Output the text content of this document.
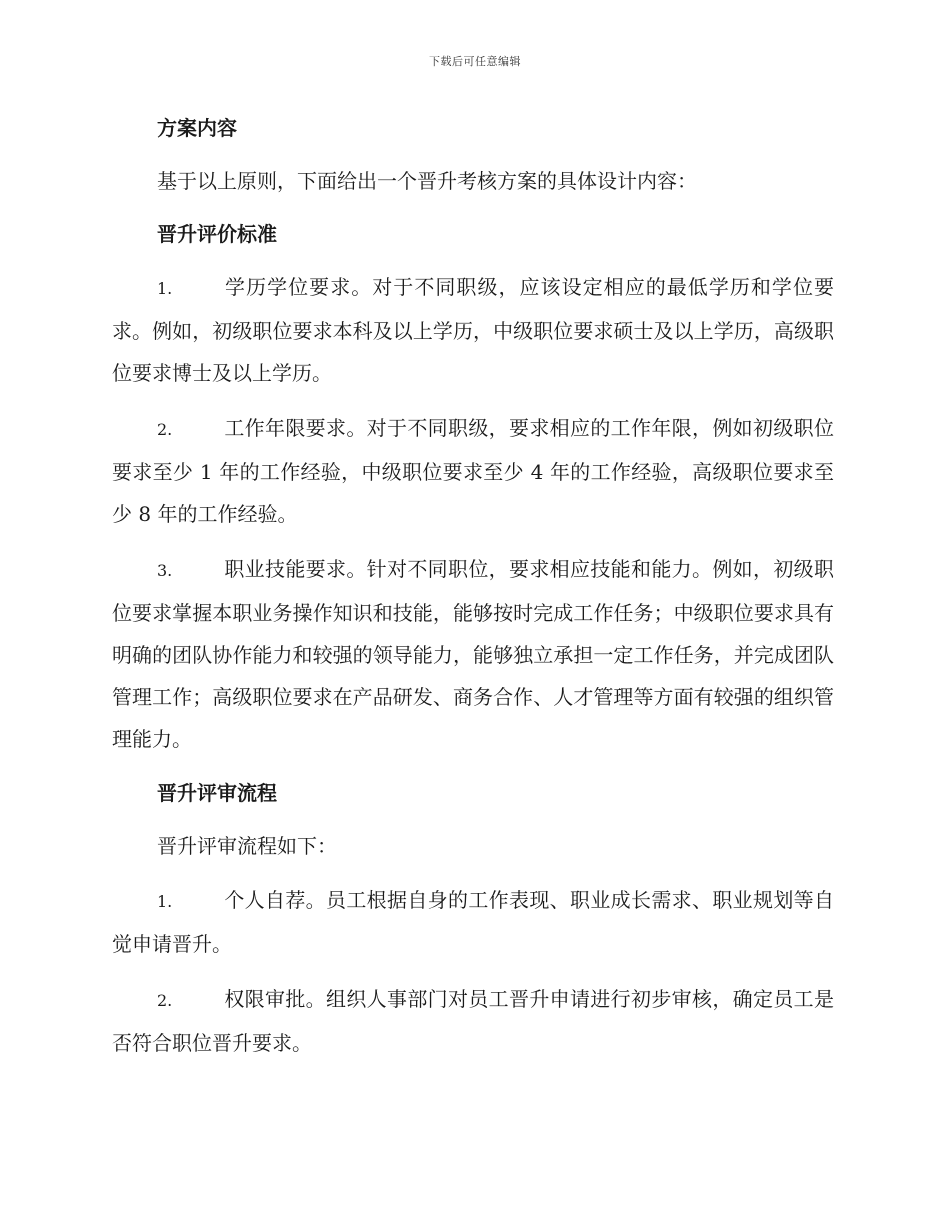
下载后可任意编辑
方案内容

基于以上原则，下面给出一个晋升考核方案的具体设计内容：

晋升评价标准

1.	学历学位要求。对于不同职级，应该设定相应的最低学历和学位要求。例如，初级职位要求本科及以上学历，中级职位要求硕士及以上学历，高级职位要求博士及以上学历。

2.	工作年限要求。对于不同职级，要求相应的工作年限，例如初级职位要求至少 1 年的工作经验，中级职位要求至少 4 年的工作经验，高级职位要求至少 8 年的工作经验。

3.	职业技能要求。针对不同职位，要求相应技能和能力。例如，初级职位要求掌握本职业务操作知识和技能，能够按时完成工作任务；中级职位要求具有明确的团队协作能力和较强的领导能力，能够独立承担一定工作任务，并完成团队管理工作；高级职位要求在产品研发、商务合作、人才管理等方面有较强的组织管理能力。

晋升评审流程

晋升评审流程如下：

1.	个人自荐。员工根据自身的工作表现、职业成长需求、职业规划等自觉申请晋升。

2.	权限审批。组织人事部门对员工晋升申请进行初步审核，确定员工是否符合职位晋升要求。
